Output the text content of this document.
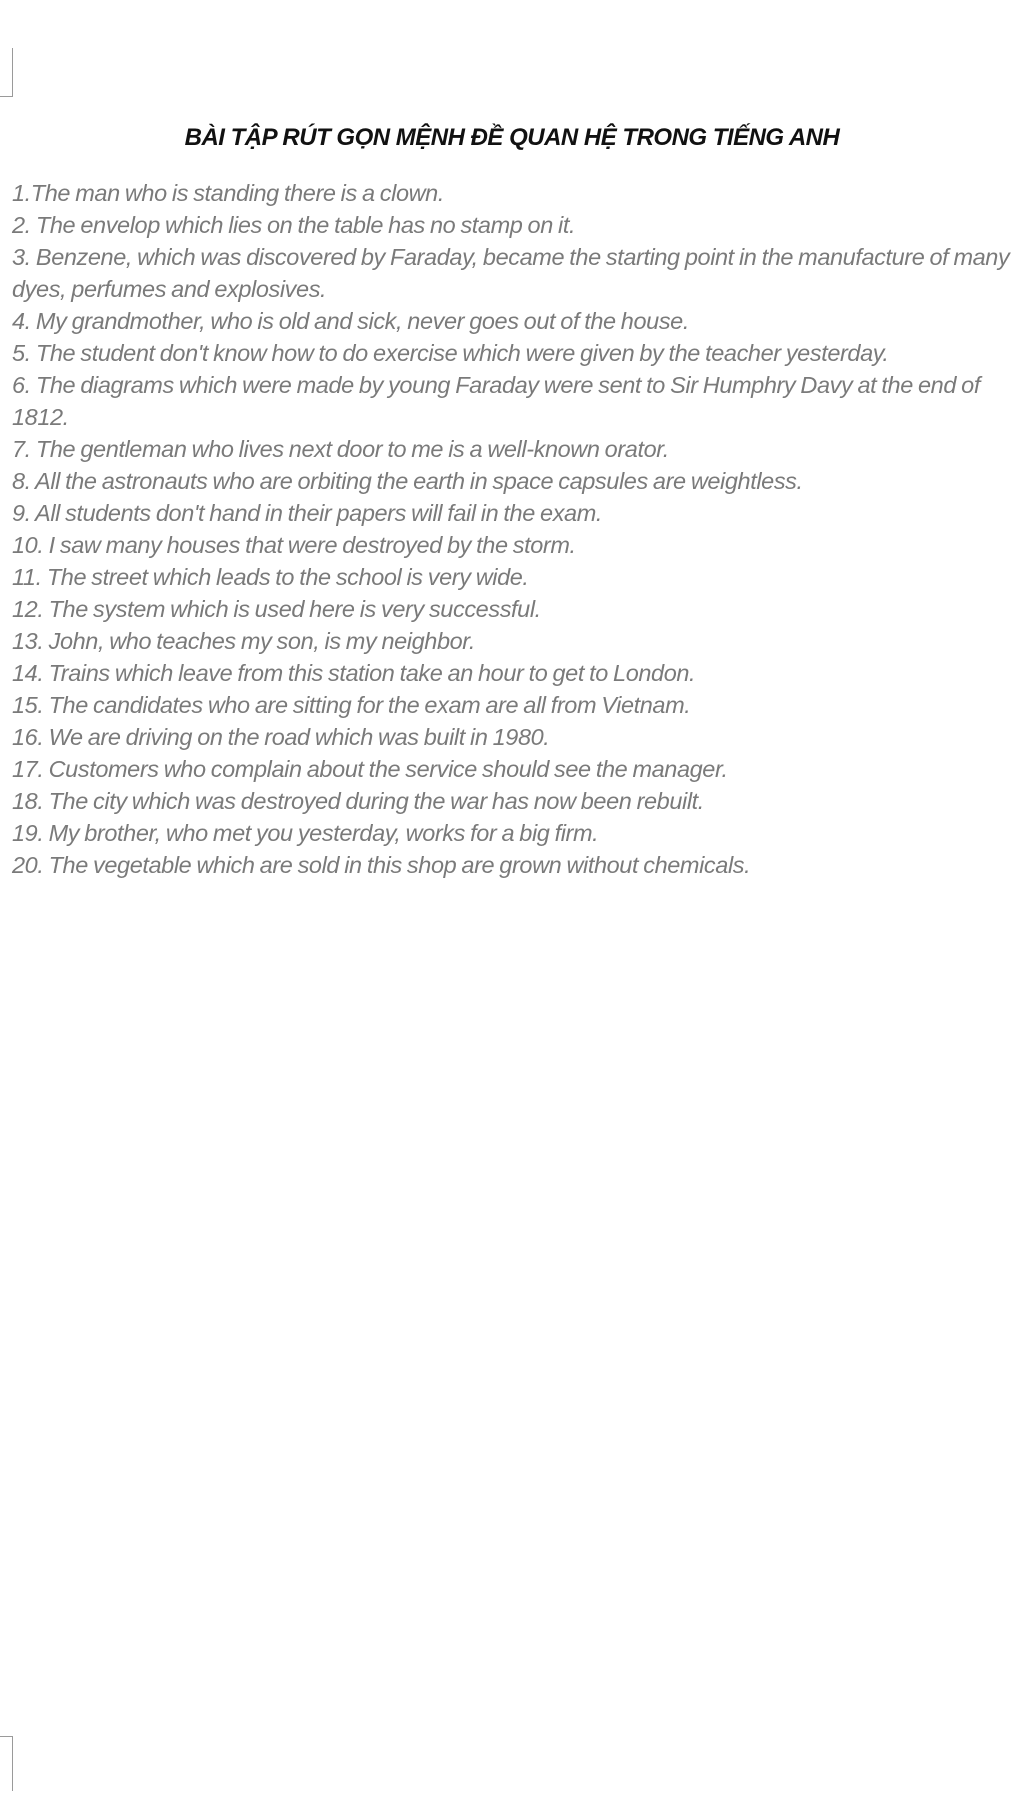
BÀI TẬP RÚT GỌN MỆNH ĐỀ QUAN HỆ TRONG TIẾNG ANH
1.The man who is standing there is a clown.
2. The envelop which lies on the table has no stamp on it.
3. Benzene, which was discovered by Faraday, became the starting point in the manufacture of many dyes, perfumes and explosives.
4. My grandmother, who is old and sick, never goes out of the house.
5. The student don't know how to do exercise which were given by the teacher yesterday.
6. The diagrams which were made by young Faraday were sent to Sir Humphry Davy at the end of 1812.
7. The gentleman who lives next door to me is a well-known orator.
8. All the astronauts who are orbiting the earth in space capsules are weightless.
9. All students don't hand in their papers will fail in the exam.
10. I saw many houses that were destroyed by the storm.
11. The street which leads to the school is very wide.
12. The system which is used here is very successful.
13. John, who teaches my son, is my neighbor.
14. Trains which leave from this station take an hour to get to London.
15. The candidates who are sitting for the exam are all from Vietnam.
16. We are driving on the road which was built in 1980.
17. Customers who complain about the service should see the manager.
18. The city which was destroyed during the war has now been rebuilt.
19. My brother, who met you yesterday, works for a big firm.
20. The vegetable which are sold in this shop are grown without chemicals.
